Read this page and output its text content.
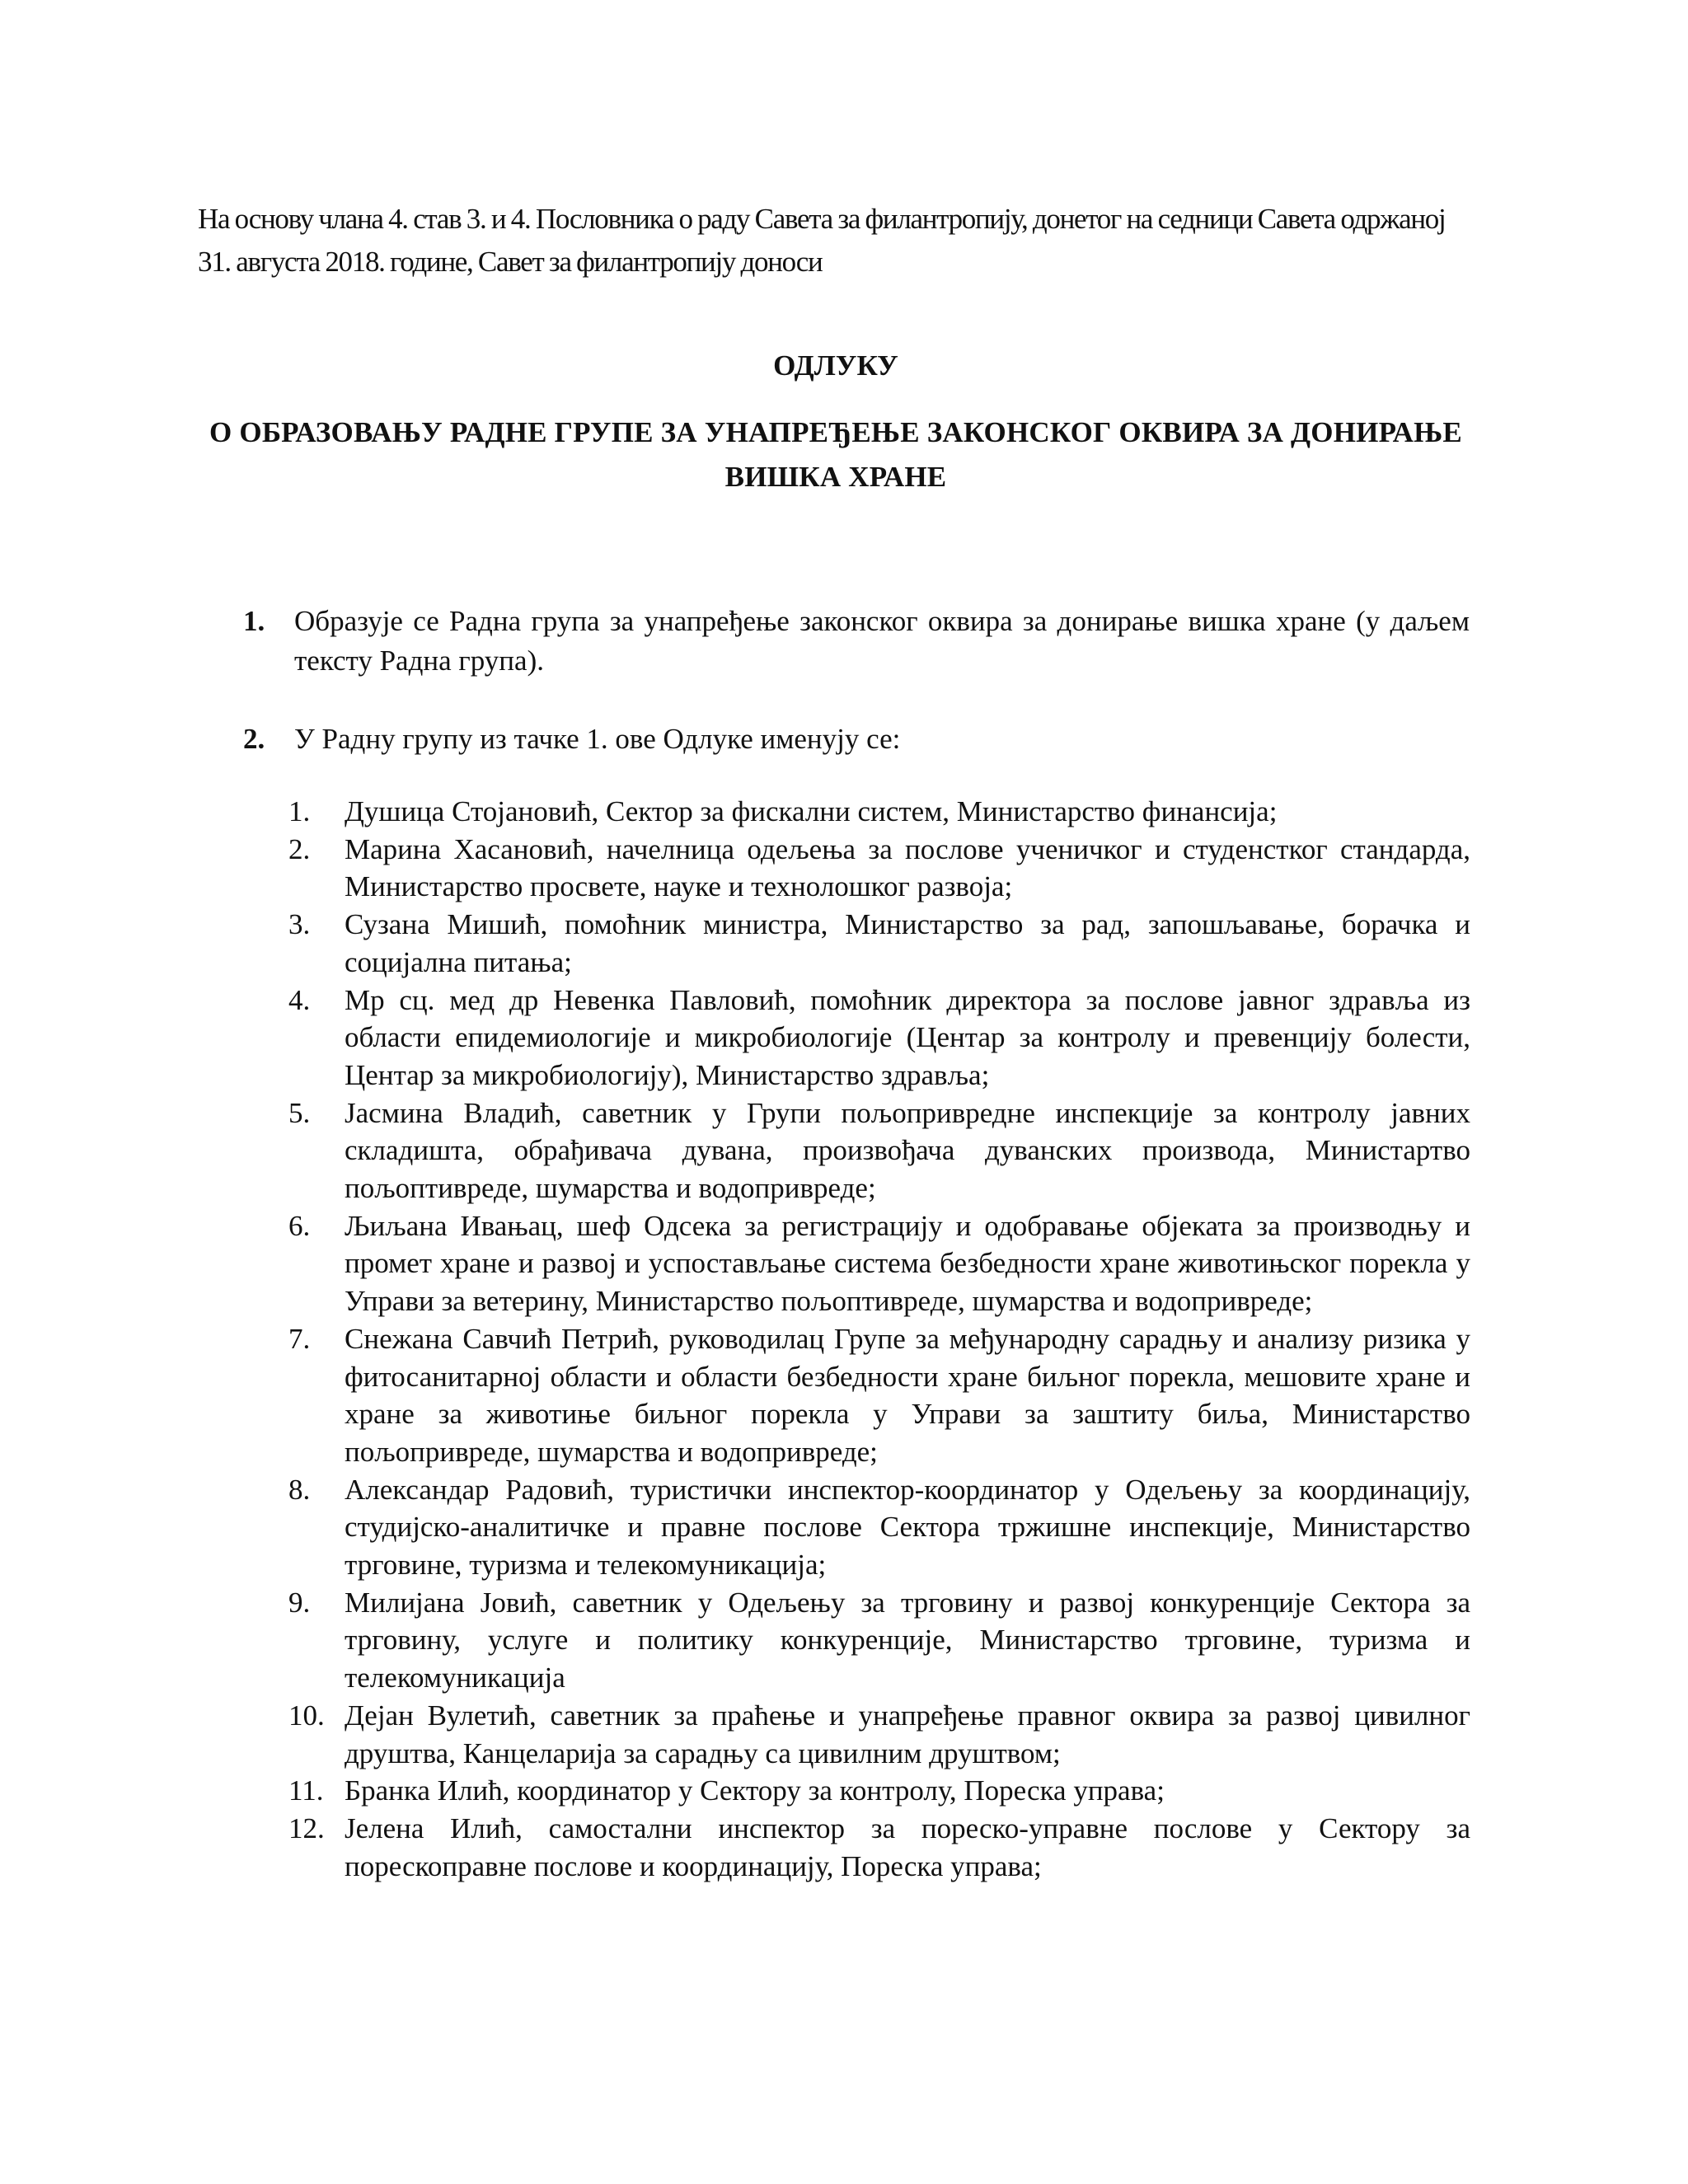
На основу члана 4. став 3. и 4. Пословника о раду Савета за филантропију, донетог на седници Савета одржаној 31. августа 2018. године, Савет за филантропију доноси

ОДЛУКУ
О ОБРАЗОВАЊУ РАДНЕ ГРУПЕ ЗА УНАПРЕЂЕЊЕ ЗАКОНСКОГ ОКВИРА ЗА ДОНИРАЊЕ ВИШКА ХРАНЕ
1. Образује се Радна група за унапређење законског оквира за донирање вишка хране (у даљем тексту Радна група).
2. У Радну групу из тачке 1. ове Одлуке именују се:
1. Душица Стојановић, Сектор за фискални систем, Министарство финансија;
2. Марина Хасановић, начелница одељења за послове ученичког и студенстког стандарда, Министарство просвете, науке и технолошког развоја;
3. Сузана Мишић, помоћник министра, Министарство за рад, запошљавање, борачка и социјална питања;
4. Мр сц. мед др Невенка Павловић, помоћник директора за послове јавног здравља из области епидемиологије и микробиологије (Центар за контролу и превенцију болести, Центар за микробиологију), Министарство здравља;
5. Јасмина Владић, саветник у Групи пољопривредне инспекције за контролу јавних складишта, обрађивача дувана, произвођача дуванских производа, Министартво пољоптивреде, шумарства и водопривреде;
6. Љиљана Ивањац, шеф Одсека за регистрацију и одобравање објеката за производњу и промет хране и развој и успостављање система безбедности хране животињског порекла у Управи за ветерину, Министарство пољоптивреде, шумарства и водопривреде;
7. Снежана Савчић Петрић, руководилац Групе за међународну сарадњу и анализу ризика у фитосанитарној области и области безбедности хране биљног порекла, мешовите хране и хране за животиње биљног порекла у Управи за заштиту биља, Министарство пољопривреде, шумарства и водопривреде;
8. Александар Радовић, туристички инспектор-координатор у Одељењу за координацију, студијско-аналитичке и правне послове Сектора тржишне инспекције, Министарство трговине, туризма и телекомуникација;
9. Милијана Јовић, саветник у Одељењу за трговину и развој конкуренције Сектора за трговину, услуге и политику конкуренције, Министарство трговине, туризма и телекомуникација
10. Дејан Вулетић, саветник за праћење и унапређење правног оквира за развој цивилног друштва, Канцеларија за сарадњу са цивилним друштвом;
11. Бранка Илић, координатор у Сектору за контролу, Пореска управа;
12. Јелена Илић, самостални инспектор за пореско-управне послове у Сектору за порескоправне послове и координацију, Пореска управа;
